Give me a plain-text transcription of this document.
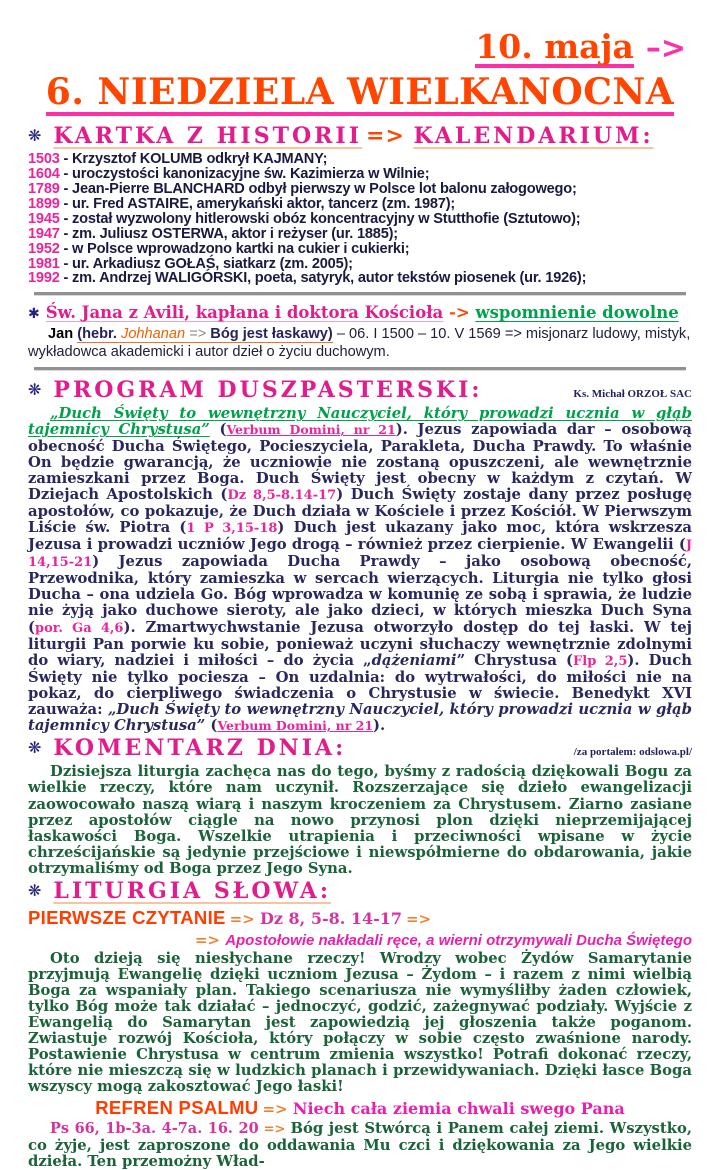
10. maja –>
6. NIEDZIELA WIELKANOCNA
❋ KARTKA Z HISTORII => KALENDARIUM:
1503 - Krzysztof KOLUMB odkrył KAJMANY;
1604 - uroczystości kanonizacyjne św. Kazimierza w Wilnie;
1789 - Jean-Pierre BLANCHARD odbył pierwszy w Polsce lot balonu załogowego;
1899 - ur. Fred ASTAIRE, amerykański aktor, tancerz (zm. 1987);
1945 - został wyzwolony hitlerowski obóz koncentracyjny w Stutthofie (Sztutowo);
1947 - zm. Juliusz OSTERWA, aktor i reżyser (ur. 1885);
1952 - w Polsce wprowadzono kartki na cukier i cukierki;
1981 - ur. Arkadiusz GOŁAŚ, siatkarz (zm. 2005);
1992 - zm. Andrzej WALIGÓRSKI, poeta, satyryk, autor tekstów piosenek (ur. 1926);
✱ Św. Jana z Avili, kapłana i doktora Kościoła -> wspomnienie dowolne
Jan (hebr. Johhanan => Bóg jest łaskawy) – 06. I 1500 – 10. V 1569 => misjonarz ludowy, mistyk, wykładowca akademicki i autor dzieł o życiu duchowym.
Ks. Michał ORZOŁ SAC
❋ PROGRAM DUSZPASTERSKI:
„Duch Święty to wewnętrzny Nauczyciel, który prowadzi ucznia w głąb tajemnicy Chrystusa” (Verbum Domini, nr 21). Jezus zapowiada dar – osobową obecność Ducha Świętego, Pocieszyciela, Parakleta, Ducha Prawdy. To właśnie On będzie gwarancją, że uczniowie nie zostaną opuszczeni, ale wewnętrznie zamieszkani przez Boga. Duch Święty jest obecny w każdym z czytań. W Dziejach Apostolskich (Dz 8,5-8.14-17) Duch Święty zostaje dany przez posługę apostołów, co pokazuje, że Duch działa w Kościele i przez Kościół. W Pierwszym Liście św. Piotra (1 P 3,15-18) Duch jest ukazany jako moc, która wskrzesza Jezusa i prowadzi uczniów Jego drogą – również przez cierpienie. W Ewangelii (J 14,15-21) Jezus zapowiada Ducha Prawdy – jako osobową obecność, Przewodnika, który zamieszka w sercach wierzących. Liturgia nie tylko głosi Ducha – ona udziela Go. Bóg wprowadza w komunię ze sobą i sprawia, że ludzie nie żyją jako duchowe sieroty, ale jako dzieci, w których mieszka Duch Syna (por. Ga 4,6). Zmartwychwstanie Jezusa otworzyło dostęp do tej łaski. W tej liturgii Pan porwie ku sobie, ponieważ uczyni słuchaczy wewnętrznie zdolnymi do wiary, nadziei i miłości – do życia „dążeniami” Chrystusa (Flp 2,5). Duch Święty nie tylko pociesza – On uzdalnia: do wytrwałości, do miłości nie na pokaz, do cierpliwego świadczenia o Chrystusie w świecie. Benedykt XVI zauważa: „Duch Święty to wewnętrzny Nauczyciel, który prowadzi ucznia w głąb tajemnicy Chrystusa” (Verbum Domini, nr 21).
/za portalem: odslowa.pl/
❋ KOMENTARZ DNIA:
Dzisiejsza liturgia zachęca nas do tego, byśmy z radością dziękowali Bogu za wielkie rzeczy, które nam uczynił. Rozszerzające się dzieło ewangelizacji zaowocowało naszą wiarą i naszym kroczeniem za Chrystusem. Ziarno zasiane przez apostołów ciągle na nowo przynosi plon dzięki nieprzemijającej łaskawości Boga. Wszelkie utrapienia i przeciwności wpisane w życie chrześcijańskie są jedynie przejściowe i niewspółmierne do obdarowania, jakie otrzymaliśmy od Boga przez Jego Syna.
❋ LITURGIA SŁOWA:
PIERWSZE CZYTANIE => Dz 8, 5-8. 14-17 =>
=> Apostołowie nakładali ręce, a wierni otrzymywali Ducha Świętego
Oto dzieją się niesłychane rzeczy! Wrodzy wobec Żydów Samarytanie przyjmują Ewangelię dzięki uczniom Jezusa – Żydom – i razem z nimi wielbią Boga za wspaniały plan. Takiego scenariusza nie wymyśliłby żaden człowiek, tylko Bóg może tak działać – jednoczyć, godzić, zażegnywać podziały. Wyjście z Ewangelią do Samarytan jest zapowiedzią jej głoszenia także poganom. Zwiastuje rozwój Kościoła, który połączy w sobie często zwaśnione narody. Postawienie Chrystusa w centrum zmienia wszystko! Potrafi dokonać rzeczy, które nie mieszczą się w ludzkich planach i przewidywaniach. Dzięki łasce Boga wszyscy mogą zakosztować Jego łaski!
REFREN PSALMU => Niech cała ziemia chwali swego Pana
Ps 66, 1b-3a. 4-7a. 16. 20 => Bóg jest Stwórcą i Panem całej ziemi. Wszystko, co żyje, jest zaproszone do oddawania Mu czci i dziękowania za Jego wielkie dzieła. Ten przemożny Wład-
